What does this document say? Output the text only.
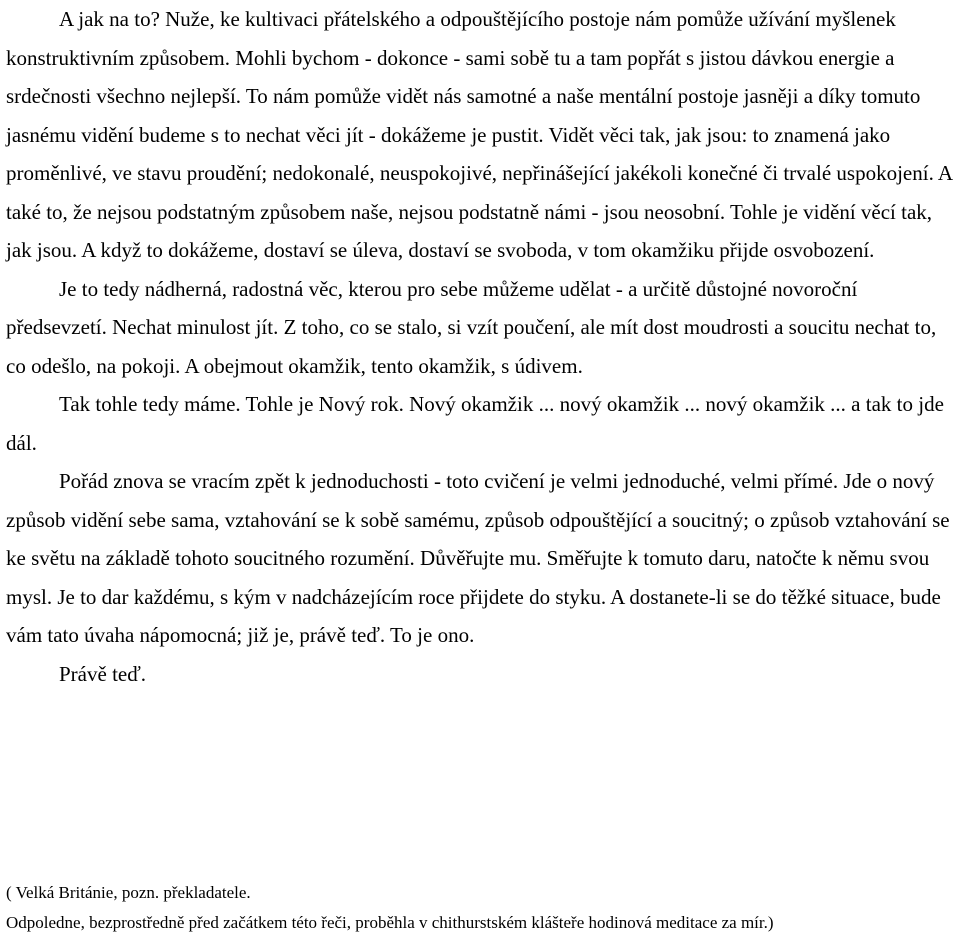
A jak na to? Nuže, ke kultivaci přátelského a odpouštějícího postoje nám pomůže užívání myšlenek konstruktivním způsobem. Mohli bychom - dokonce - sami sobě tu a tam popřát s jistou dávkou energie a srdečnosti všechno nejlepší. To nám pomůže vidět nás samotné a naše mentální postoje jasněji a díky tomuto jasnému vidění budeme s to nechat věci jít - dokážeme je pustit. Vidět věci tak, jak jsou: to znamená jako proměnlivé, ve stavu proudění; nedokonalé, neuspokojivé, nepřinášející jakékoli konečné či trvalé uspokojení. A také to, že nejsou podstatným způsobem naše, nejsou podstatně námi - jsou neosobní. Tohle je vidění věcí tak, jak jsou. A když to dokážeme, dostaví se úleva, dostaví se svoboda, v tom okamžiku přijde osvobození.

Je to tedy nádherná, radostná věc, kterou pro sebe můžeme udělat - a určitě důstojné novoroční předsevzetí. Nechat minulost jít. Z toho, co se stalo, si vzít poučení, ale mít dost moudrosti a soucitu nechat to, co odešlo, na pokoji. A obejmout okamžik, tento okamžik, s údivem.

Tak tohle tedy máme. Tohle je Nový rok. Nový okamžik ... nový okamžik ... nový okamžik ... a tak to jde dál.

Pořád znova se vracím zpět k jednoduchosti - toto cvičení je velmi jednoduché, velmi přímé. Jde o nový způsob vidění sebe sama, vztahování se k sobě samému, způsob odpouštějící a soucitný; o způsob vztahování se ke světu na základě tohoto soucitného rozumění. Důvěřujte mu. Směřujte k tomuto daru, natočte k němu svou mysl. Je to dar každému, s kým v nadcházejícím roce přijdete do styku. A dostanete-li se do těžké situace, bude vám tato úvaha nápomocná; již je, právě teď. To je ono.

Právě teď.

( Velká Británie, pozn. překladatele.

Odpoledne, bezprostředně před začátkem této řeči, proběhla v chithurstském klášteře hodinová meditace za mír.)
